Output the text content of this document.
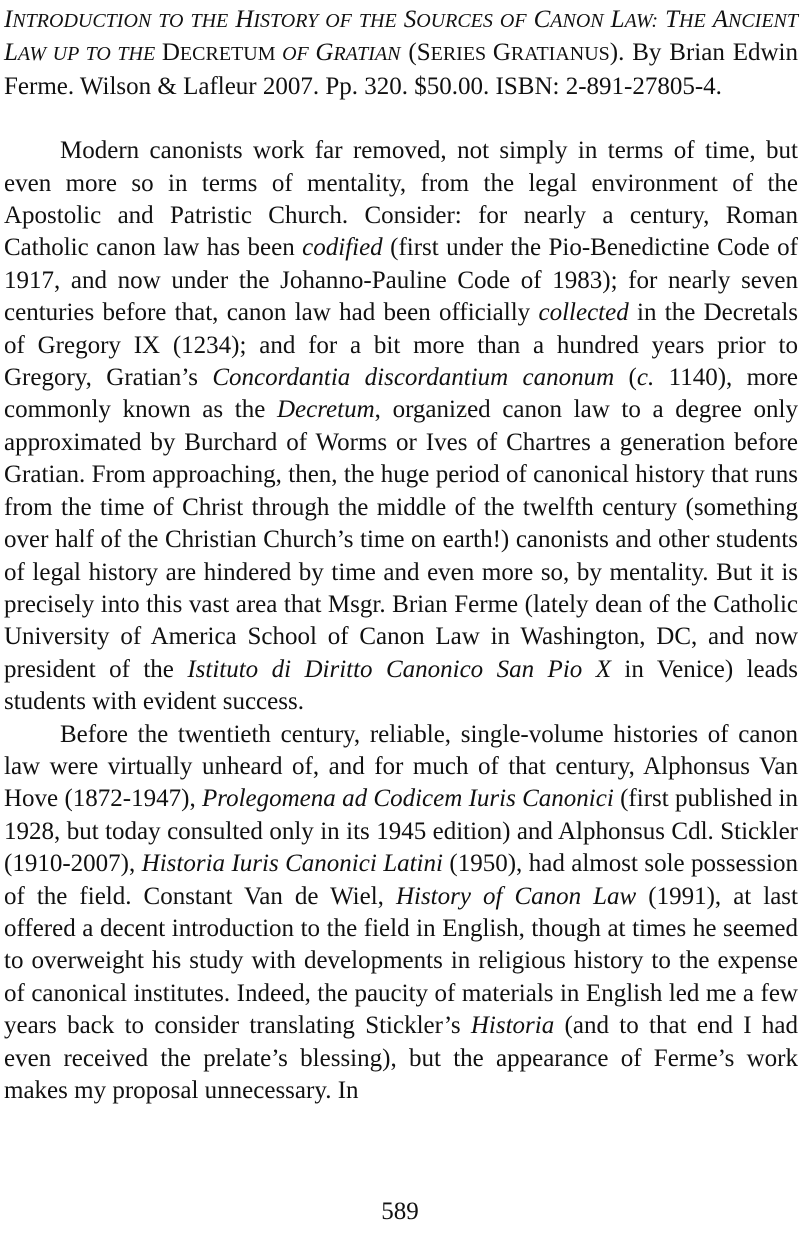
INTRODUCTION TO THE HISTORY OF THE SOURCES OF CANON LAW: THE ANCIENT LAW UP TO THE DECRETUM OF GRATIAN (SERIES GRATIANUS). By Brian Edwin Ferme. Wilson & Lafleur 2007. Pp. 320. $50.00. ISBN: 2-891-27805-4.

Modern canonists work far removed, not simply in terms of time, but even more so in terms of mentality, from the legal environment of the Apostolic and Patristic Church. Consider: for nearly a century, Roman Catholic canon law has been codified (first under the Pio-Benedictine Code of 1917, and now under the Johanno-Pauline Code of 1983); for nearly seven centuries before that, canon law had been officially collected in the Decretals of Gregory IX (1234); and for a bit more than a hundred years prior to Gregory, Gratian’s Concordantia discordantium canonum (c. 1140), more commonly known as the Decretum, organized canon law to a degree only approximated by Burchard of Worms or Ives of Chartres a generation before Gratian. From approaching, then, the huge period of canonical history that runs from the time of Christ through the middle of the twelfth century (something over half of the Christian Church’s time on earth!) canonists and other students of legal history are hindered by time and even more so, by mentality. But it is precisely into this vast area that Msgr. Brian Ferme (lately dean of the Catholic University of America School of Canon Law in Washington, DC, and now president of the Istituto di Diritto Canonico San Pio X in Venice) leads students with evident success.

Before the twentieth century, reliable, single-volume histories of canon law were virtually unheard of, and for much of that century, Alphonsus Van Hove (1872-1947), Prolegomena ad Codicem Iuris Canonici (first published in 1928, but today consulted only in its 1945 edition) and Alphonsus Cdl. Stickler (1910-2007), Historia Iuris Canonici Latini (1950), had almost sole possession of the field. Constant Van de Wiel, History of Canon Law (1991), at last offered a decent introduction to the field in English, though at times he seemed to overweight his study with developments in religious history to the expense of canonical institutes. Indeed, the paucity of materials in English led me a few years back to consider translating Stickler’s Historia (and to that end I had even received the prelate’s blessing), but the appearance of Ferme’s work makes my proposal unnecessary. In

589
